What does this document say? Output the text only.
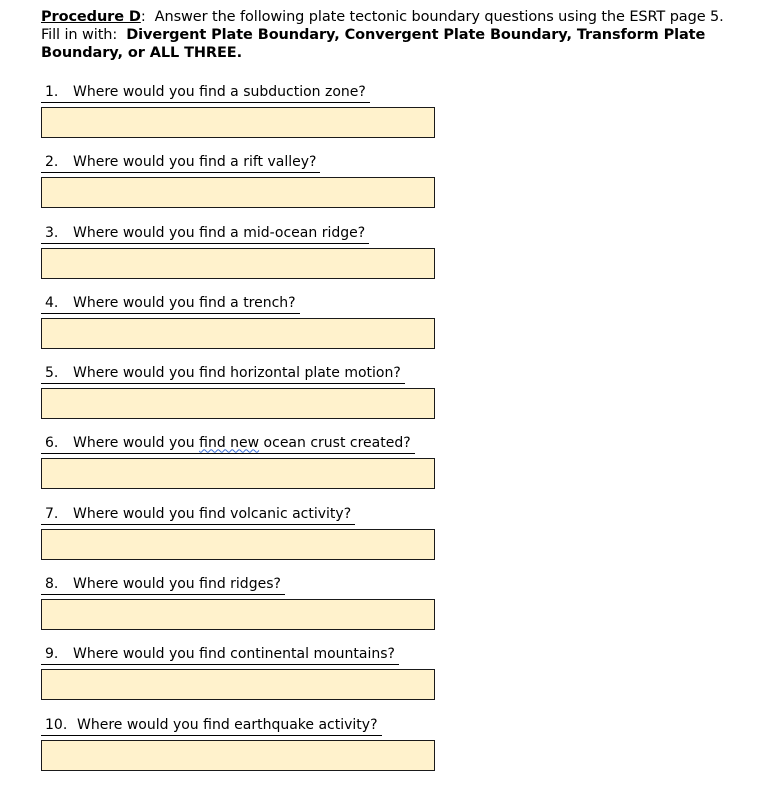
Procedure D: Answer the following plate tectonic boundary questions using the ESRT page 5. Fill in with: Divergent Plate Boundary, Convergent Plate Boundary, Transform Plate Boundary, or ALL THREE.

1. Where would you find a subduction zone?
2. Where would you find a rift valley?
3. Where would you find a mid-ocean ridge?
4. Where would you find a trench?
5. Where would you find horizontal plate motion?
6. Where would you find new ocean crust created?
7. Where would you find volcanic activity?
8. Where would you find ridges?
9. Where would you find continental mountains?
10. Where would you find earthquake activity?
